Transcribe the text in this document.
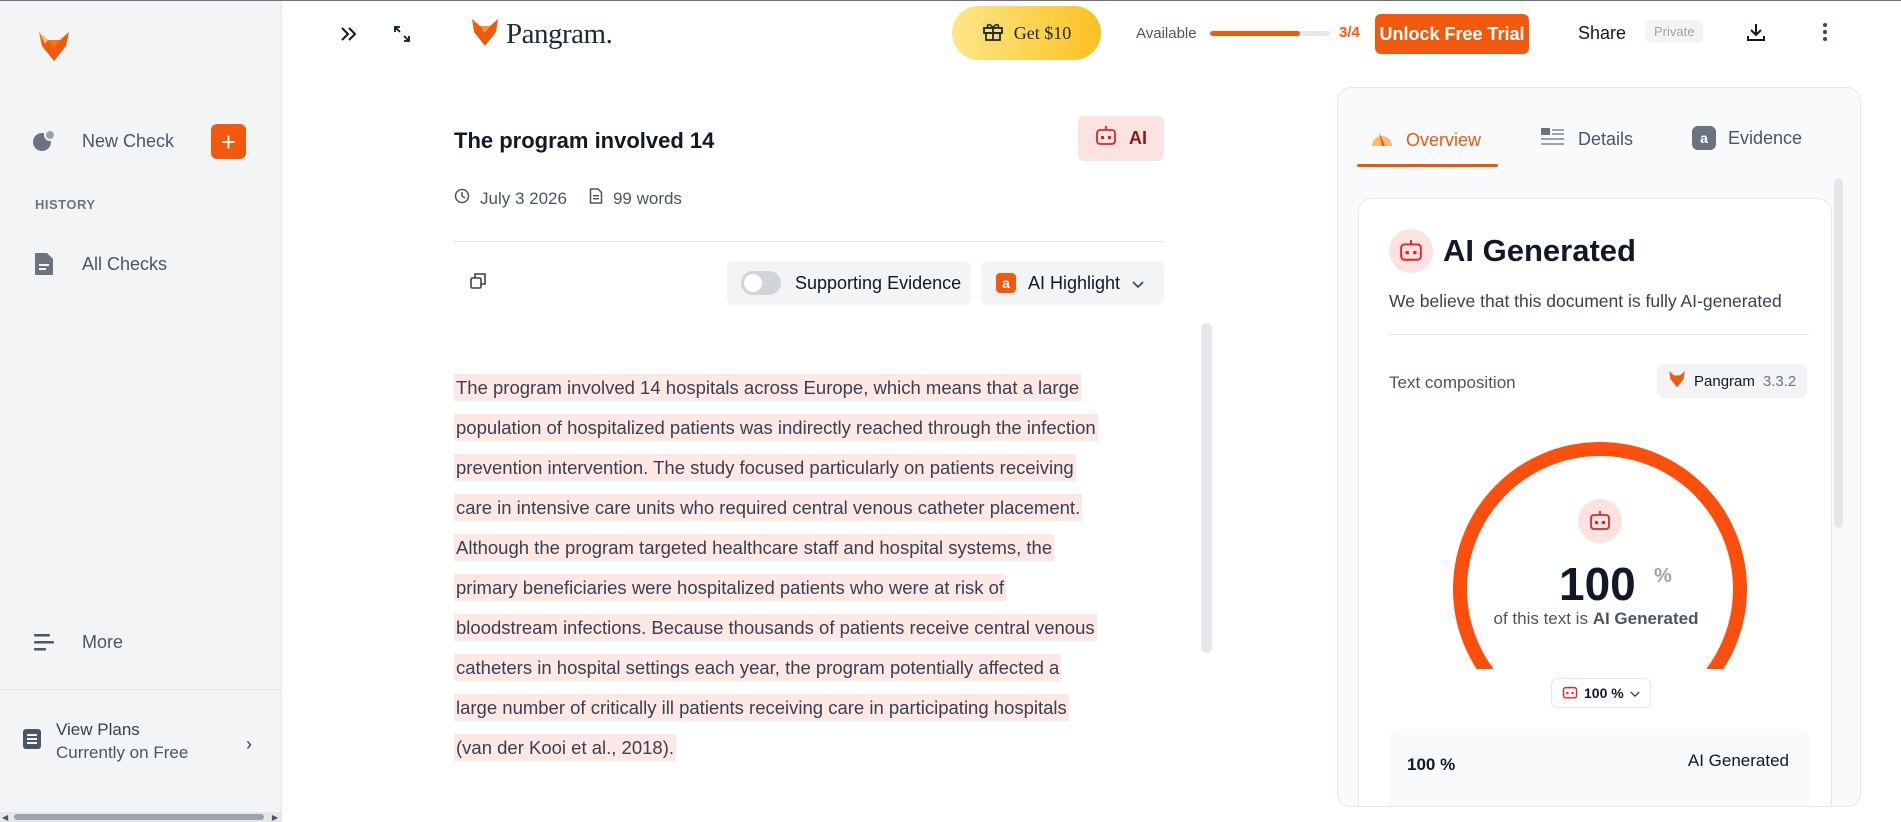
New Check	+
HISTORY
All Checks
More
View Plans
Currently on Free	›
◀	▶
Pangram.	Get $10	Available	3/4 Unlock Free Trial	Share	Private
The program involved 14	AI
July 3 2026	99 words
Supporting Evidence	a	AI Highlight
The program involved 14 hospitals across Europe, which means that a large
population of hospitalized patients was indirectly reached through the infection
prevention intervention. The study focused particularly on patients receiving
care in intensive care units who required central venous catheter placement.
Although the program targeted healthcare staff and hospital systems, the
primary beneficiaries were hospitalized patients who were at risk of
bloodstream infections. Because thousands of patients receive central venous
catheters in hospital settings each year, the program potentially affected a
large number of critically ill patients receiving care in participating hospitals
(van der Kooi et al., 2018).
Overview	Details	a	Evidence
AI Generated
We believe that this document is fully AI-generated
Text composition	Pangram 3.3.2
100 %
of this text is AI Generated
100 %
100 %	AI Generated
